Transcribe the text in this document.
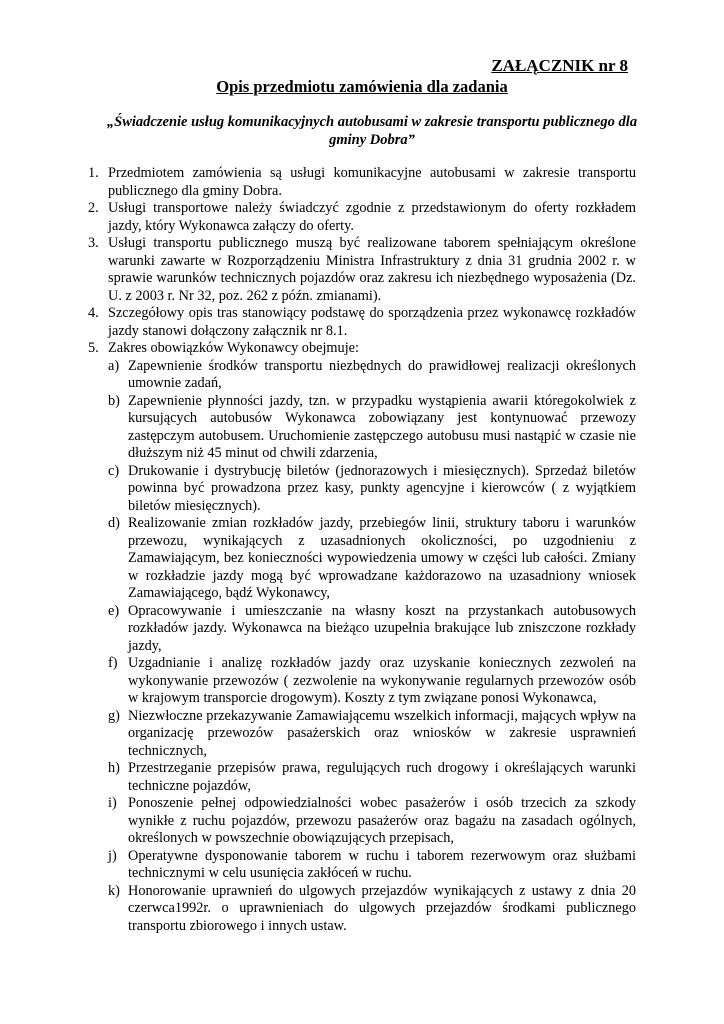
ZAŁĄCZNIK nr 8

Opis przedmiotu zamówienia dla zadania

„Świadczenie usług komunikacyjnych autobusami w zakresie transportu publicznego dla gminy Dobra”

1. Przedmiotem zamówienia są usługi komunikacyjne autobusami w zakresie transportu publicznego dla gminy Dobra.
2. Usługi transportowe należy świadczyć zgodnie z przedstawionym do oferty rozkładem jazdy, który Wykonawca załączy do oferty.
3. Usługi transportu publicznego muszą być realizowane taborem spełniającym określone warunki zawarte w Rozporządzeniu Ministra Infrastruktury z dnia 31 grudnia 2002 r. w sprawie warunków technicznych pojazdów oraz zakresu ich niezbędnego wyposażenia (Dz. U. z 2003 r. Nr 32, poz. 262 z późn. zmianami).
4. Szczegółowy opis tras stanowiący podstawę do sporządzenia przez wykonawcę rozkładów jazdy stanowi dołączony załącznik nr 8.1.
5. Zakres obowiązków Wykonawcy obejmuje:
a) Zapewnienie środków transportu niezbędnych do prawidłowej realizacji określonych umownie zadań,
b) Zapewnienie płynności jazdy, tzn. w przypadku wystąpienia awarii któregokolwiek z kursujących autobusów Wykonawca zobowiązany jest kontynuować przewozy zastępczym autobusem. Uruchomienie zastępczego autobusu musi nastąpić w czasie nie dłuższym niż 45 minut od chwili zdarzenia,
c) Drukowanie i dystrybucję biletów (jednorazowych i miesięcznych). Sprzedaż biletów powinna być prowadzona przez kasy, punkty agencyjne i kierowców ( z wyjątkiem biletów miesięcznych).
d) Realizowanie zmian rozkładów jazdy, przebiegów linii, struktury taboru i warunków przewozu, wynikających z uzasadnionych okoliczności, po uzgodnieniu z Zamawiającym, bez konieczności wypowiedzenia umowy w części lub całości. Zmiany w rozkładzie jazdy mogą być wprowadzane każdorazowo na uzasadniony wniosek Zamawiającego, bądź Wykonawcy,
e) Opracowywanie i umieszczanie na własny koszt na przystankach autobusowych rozkładów jazdy. Wykonawca na bieżąco uzupełnia brakujące lub zniszczone rozkłady jazdy,
f) Uzgadnianie i analizę rozkładów jazdy oraz uzyskanie koniecznych zezwoleń na wykonywanie przewozów ( zezwolenie na wykonywanie regularnych przewozów osób w krajowym transporcie drogowym). Koszty z tym związane ponosi Wykonawca,
g) Niezwłoczne przekazywanie Zamawiającemu wszelkich informacji, mających wpływ na organizację przewozów pasażerskich oraz wniosków w zakresie usprawnień technicznych,
h) Przestrzeganie przepisów prawa, regulujących ruch drogowy i określających warunki techniczne pojazdów,
i) Ponoszenie pełnej odpowiedzialności wobec pasażerów i osób trzecich za szkody wynikłe z ruchu pojazdów, przewozu pasażerów oraz bagażu na zasadach ogólnych, określonych w powszechnie obowiązujących przepisach,
j) Operatywne dysponowanie taborem w ruchu i taborem rezerwowym oraz służbami technicznymi w celu usunięcia zakłóceń w ruchu.
k) Honorowanie uprawnień do ulgowych przejazdów wynikających z ustawy z dnia 20 czerwca1992r. o uprawnieniach do ulgowych przejazdów środkami publicznego transportu zbiorowego i innych ustaw.
